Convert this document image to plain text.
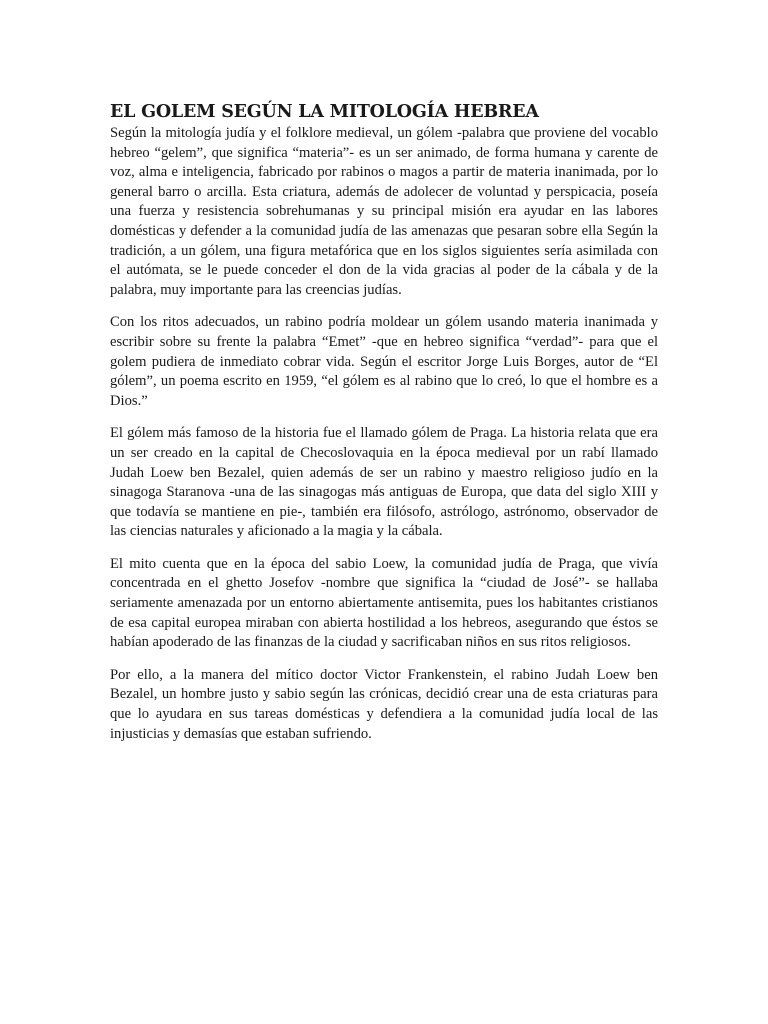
EL GOLEM SEGÚN LA MITOLOGÍA HEBREA

Según la mitología judía y el folklore medieval, un gólem -palabra que proviene del vocablo hebreo “gelem”, que significa “materia”- es un ser animado, de forma humana y carente de voz, alma e inteligencia, fabricado por rabinos o magos a partir de materia inanimada, por lo general barro o arcilla. Esta criatura, además de adolecer de voluntad y perspicacia, poseía una fuerza y resistencia sobrehumanas y su principal misión era ayudar en las labores domésticas y defender a la comunidad judía de las amenazas que pesaran sobre ella Según la tradición, a un gólem, una figura metafórica que en los siglos siguientes sería asimilada con el autómata, se le puede conceder el don de la vida gracias al poder de la cábala y de la palabra, muy importante para las creencias judías.

Con los ritos adecuados, un rabino podría moldear un gólem usando materia inanimada y escribir sobre su frente la palabra “Emet” -que en hebreo significa “verdad”- para que el golem pudiera de inmediato cobrar vida. Según el escritor Jorge Luis Borges, autor de “El gólem”, un poema escrito en 1959, “el gólem es al rabino que lo creó, lo que el hombre es a Dios.”

El gólem más famoso de la historia fue el llamado gólem de Praga. La historia relata que era un ser creado en la capital de Checoslovaquia en la época medieval por un rabí llamado Judah Loew ben Bezalel, quien además de ser un rabino y maestro religioso judío en la sinagoga Staranova -una de las sinagogas más antiguas de Europa, que data del siglo XIII y que todavía se mantiene en pie-, también era filósofo, astrólogo, astrónomo, observador de las ciencias naturales y aficionado a la magia y la cábala.

El mito cuenta que en la época del sabio Loew, la comunidad judía de Praga, que vivía concentrada en el ghetto Josefov -nombre que significa la “ciudad de José”- se hallaba seriamente amenazada por un entorno abiertamente antisemita, pues los habitantes cristianos de esa capital europea miraban con abierta hostilidad a los hebreos, asegurando que éstos se habían apoderado de las finanzas de la ciudad y sacrificaban niños en sus ritos religiosos.

Por ello, a la manera del mítico doctor Victor Frankenstein, el rabino Judah Loew ben Bezalel, un hombre justo y sabio según las crónicas, decidió crear una de esta criaturas para que lo ayudara en sus tareas domésticas y defendiera a la comunidad judía local de las injusticias y demasías que estaban sufriendo.
